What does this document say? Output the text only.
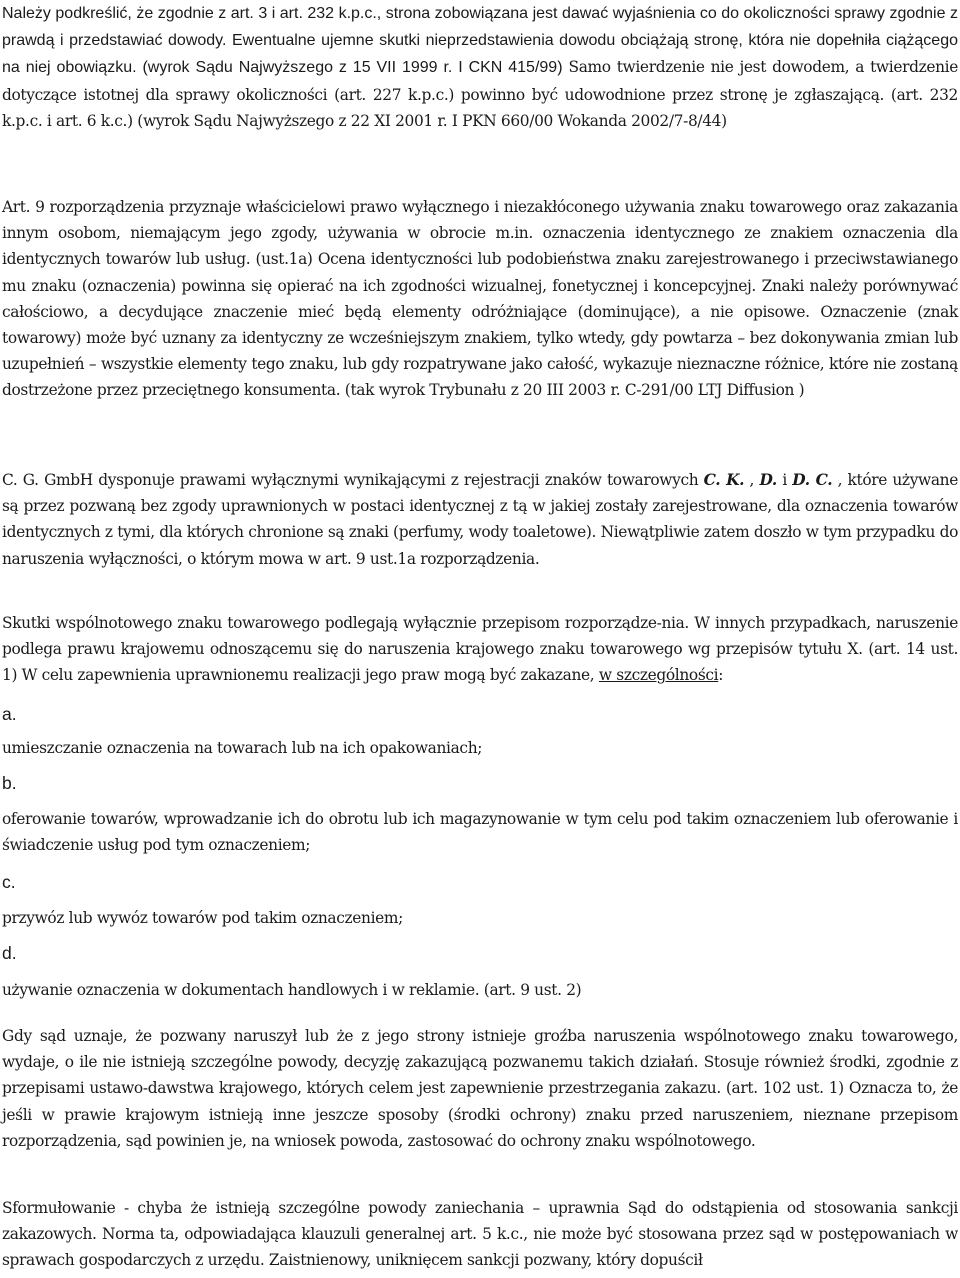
Należy podkreślić, że zgodnie z art. 3 i art. 232 k.p.c., strona zobowiązana jest dawać wyjaśnienia co do okoliczności sprawy zgodnie z prawdą i przedstawiać dowody. Ewentualne ujemne skutki nieprzedstawienia dowodu obciążają stronę, która nie dopełniła ciążącego na niej obowiązku. (wyrok Sądu Najwyższego z 15 VII 1999 r. I CKN 415/99) Samo twierdzenie nie jest dowodem, a twierdzenie dotyczące istotnej dla sprawy okoliczności (art. 227 k.p.c.) powinno być udowodnione przez stronę je zgłaszającą. (art. 232 k.p.c. i art. 6 k.c.) (wyrok Sądu Najwyższego z 22 XI 2001 r. I PKN 660/00 Wokanda 2002/7-8/44)

Art. 9 rozporządzenia przyznaje właścicielowi prawo wyłącznego i niezakłóconego używania znaku towarowego oraz zakazania innym osobom, niemającym jego zgody, używania w obrocie m.in. oznaczenia identycznego ze znakiem oznaczenia dla identycznych towarów lub usług. (ust.1a) Ocena identyczności lub podobieństwa znaku zarejestrowanego i przeciwstawianego mu znaku (oznaczenia) powinna się opierać na ich zgodności wizualnej, fonetycznej i koncepcyjnej. Znaki należy porównywać całościowo, a decydujące znaczenie mieć będą elementy odróżniające (dominujące), a nie opisowe. Oznaczenie (znak towarowy) może być uznany za identyczny ze wcześniejszym znakiem, tylko wtedy, gdy powtarza – bez dokonywania zmian lub uzupełnień – wszystkie elementy tego znaku, lub gdy rozpatrywane jako całość, wykazuje nieznaczne różnice, które nie zostaną dostrzeżone przez przeciętnego konsumenta. (tak wyrok Trybunału z 20 III 2003 r. C-291/00 LTJ Diffusion )

C. G. GmbH dysponuje prawami wyłącznymi wynikającymi z rejestracji znaków towarowych C. K. , D. i D. C. , które używane są przez pozwaną bez zgody uprawnionych w postaci identycznej z tą w jakiej zostały zarejestrowane, dla oznaczenia towarów identycznych z tymi, dla których chronione są znaki (perfumy, wody toaletowe). Niewątpliwie zatem doszło w tym przypadku do naruszenia wyłączności, o którym mowa w art. 9 ust.1a rozporządzenia.

Skutki wspólnotowego znaku towarowego podlegają wyłącznie przepisom rozporządze-nia. W innych przypadkach, naruszenie podlega prawu krajowemu odnoszącemu się do naruszenia krajowego znaku towarowego wg przepisów tytułu X. (art. 14 ust. 1) W celu zapewnienia uprawnionemu realizacji jego praw mogą być zakazane, w szczególności:

a.

umieszczanie oznaczenia na towarach lub na ich opakowaniach;

b.

oferowanie towarów, wprowadzanie ich do obrotu lub ich magazynowanie w tym celu pod takim oznaczeniem lub oferowanie i świadczenie usług pod tym oznaczeniem;

c.

przywóz lub wywóz towarów pod takim oznaczeniem;

d.

używanie oznaczenia w dokumentach handlowych i w reklamie. (art. 9 ust. 2)

Gdy sąd uznaje, że pozwany naruszył lub że z jego strony istnieje groźba naruszenia wspólnotowego znaku towarowego, wydaje, o ile nie istnieją szczególne powody, decyzję zakazującą pozwanemu takich działań. Stosuje również środki, zgodnie z przepisami ustawo-dawstwa krajowego, których celem jest zapewnienie przestrzegania zakazu. (art. 102 ust. 1) Oznacza to, że jeśli w prawie krajowym istnieją inne jeszcze sposoby (środki ochrony) znaku przed naruszeniem, nieznane przepisom rozporządzenia, sąd powinien je, na wniosek powoda, zastosować do ochrony znaku wspólnotowego.

Sformułowanie - chyba że istnieją szczególne powody zaniechania – uprawnia Sąd do odstąpienia od stosowania sankcji zakazowych. Norma ta, odpowiadająca klauzuli generalnej art. 5 k.c., nie może być stosowana przez sąd w postępowaniach w sprawach gospodarczych z urzędu. Zaistnienowy, uniknięcem sankcji pozwany, który dopuścił
